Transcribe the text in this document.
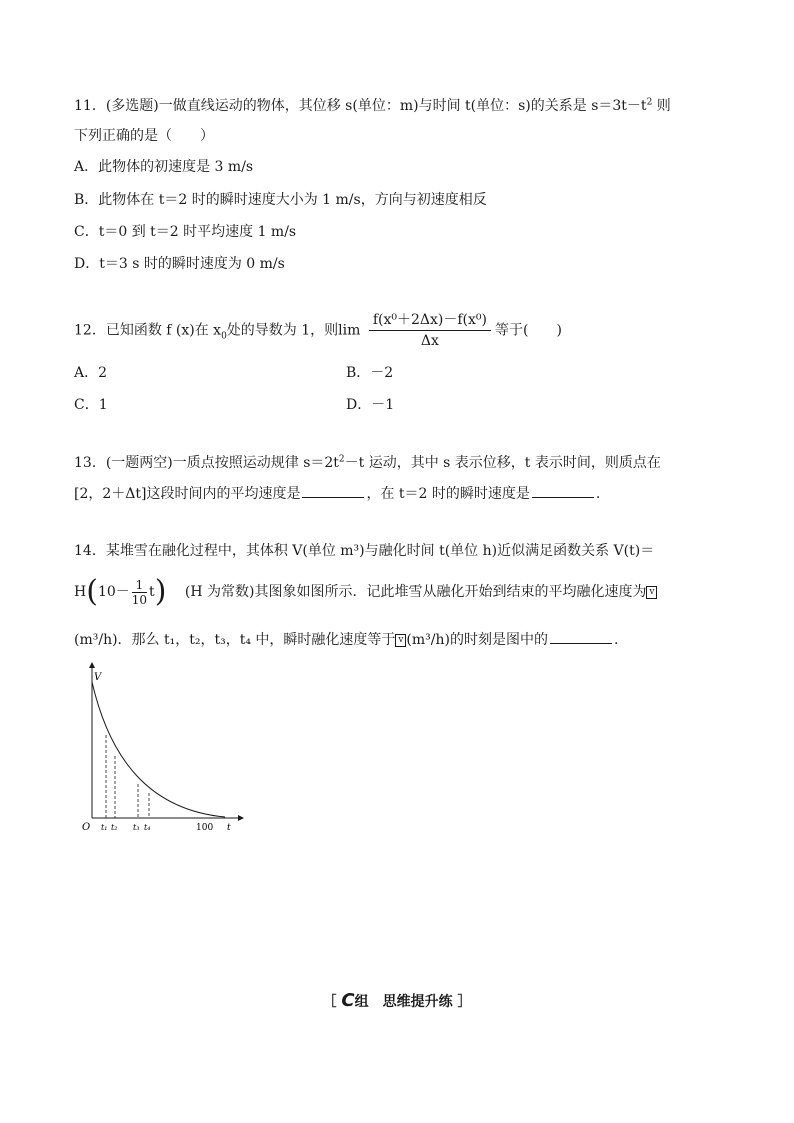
11．(多选题)一做直线运动的物体，其位移 s(单位：m)与时间 t(单位：s)的关系是 $s=3t-t^2$ 则
下列正确的是（　　）
A．此物体的初速度是 3 m/s
B．此物体在 t＝2 时的瞬时速度大小为 1 m/s，方向与初速度相反
C．t＝0 到 t＝2 时平均速度 1 m/s
D．t＝3 s 时的瞬时速度为 0 m/s
12．已知函数 f (x)在 $x_0$处的导数为 1，则$\lim \frac{\text{f(x⁰＋2Δx)－f(x⁰)}}{\Delta x}$ 等于(　　)
A．2	B．－2
C．1	D．－1
13．(一题两空)一质点按照运动规律 $s=2t^2-t$ 运动，其中 s 表示位移，t 表示时间，则质点在
[2，2＋Δt]这段时间内的平均速度是	，在 t＝2 时的瞬时速度是	.
14．某堆雪在融化过程中，其体积 V(单位 m³)与融化时间 t(单位 h)近似满足函数关系 V(t)＝
$H(10- \frac{1}{10} t)$ (H 为常数)其图象如图所示．记此堆雪从融化开始到结束的平均融化速度为 v
(m³/h)．那么 t₁，t₂，t₃，t₄ 中，瞬时融化速度等于 v (m³/h)的时刻是图中的	.
V
O t₁ t₂ t₃ t₄	100 t
［ C组　思维提升练 ］
